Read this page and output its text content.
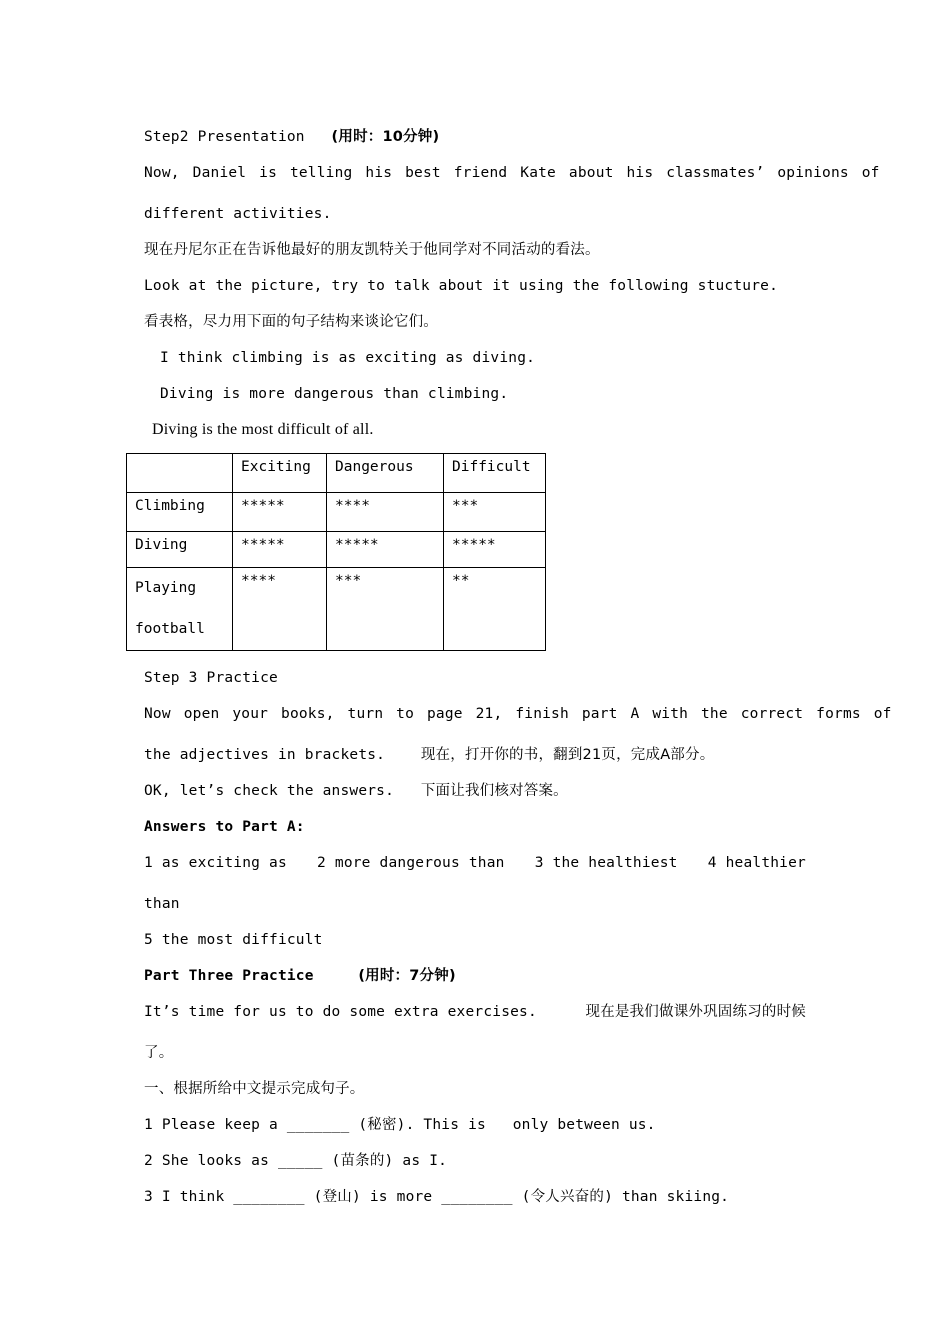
Step2 Presentation (用时：10分钟)
Now, Daniel is telling his best friend Kate about his classmates’ opinions of
different activities.
现在丹尼尔正在告诉他最好的朋友凯特关于他同学对不同活动的看法。
Look at the picture, try to talk about it using the following stucture.
看表格，尽力用下面的句子结构来谈论它们。
I think climbing is as exciting as diving.
Diving is more dangerous than climbing.
Diving is the most difficult of all.
	Exciting	Dangerous	Difficult
Climbing	*****	****	***
Diving	*****	*****	*****
Playing
football	****	***	**
Step 3 Practice
Now open your books, turn to page 21, finish part A with the correct forms of
the adjectives in brackets. 现在，打开你的书，翻到21页，完成A部分。
OK, let’s check the answers. 下面让我们核对答案。
Answers to Part A:
1 as exciting as 2 more dangerous than 3 the healthiest 4 healthier
than
5 the most difficult
Part Three Practice	(用时：7分钟)
It’s time for us to do some extra exercises.	现在是我们做课外巩固练习的时候
了。
一、根据所给中文提示完成句子。
1 Please keep a _______ (秘密). This is   only between us.
2 She looks as _____ (苗条的) as I.
3 I think ________ (登山) is more ________ (令人兴奋的) than skiing.
